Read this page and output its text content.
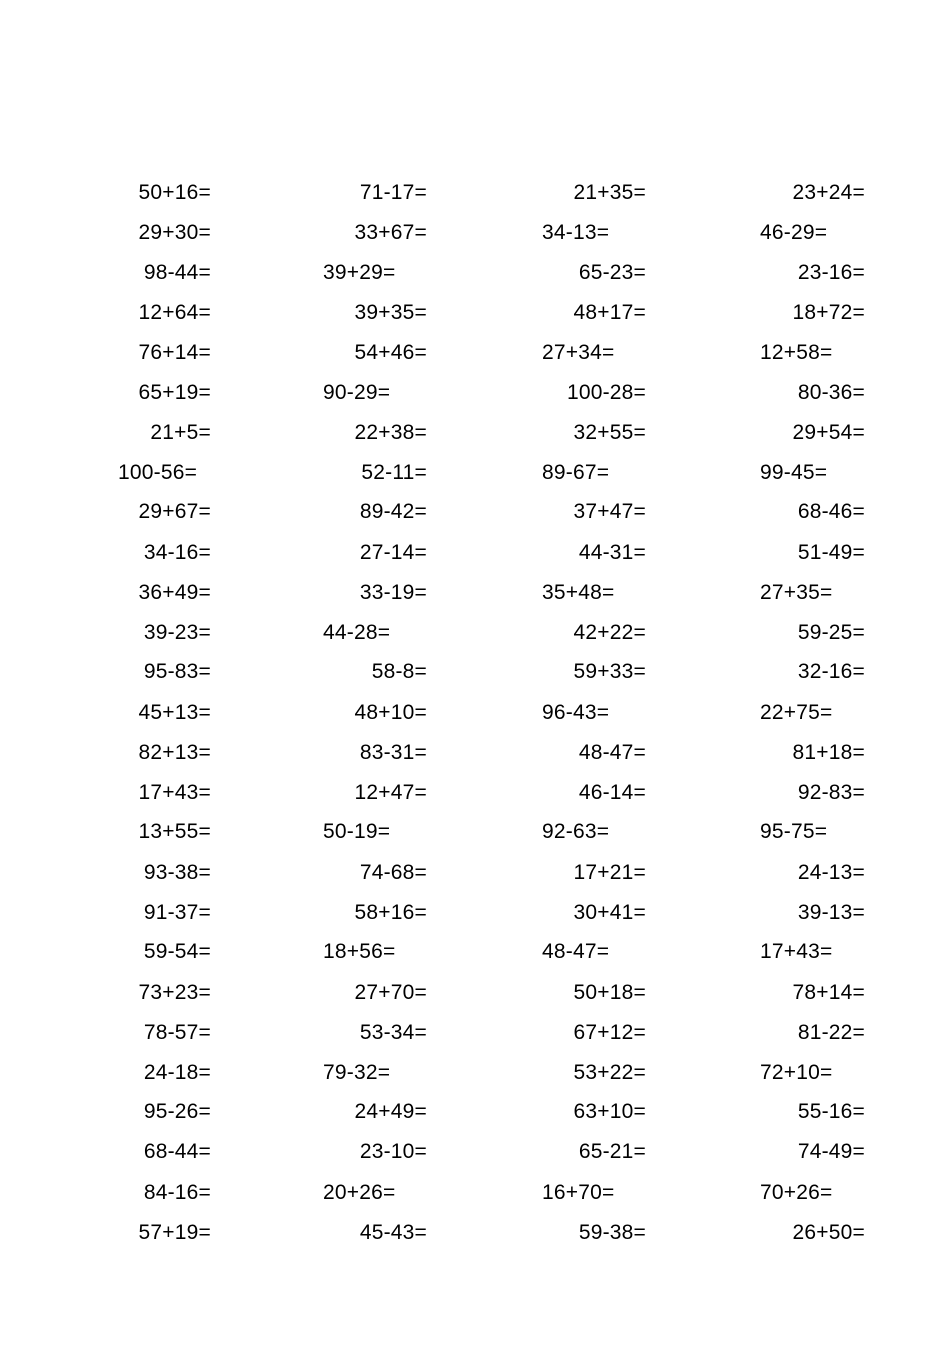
50+16=	71-17=	21+35=	23+24=
29+30=	33+67=	34-13=	46-29=
98-44=	39+29=	65-23=	23-16=
12+64=	39+35=	48+17=	18+72=
76+14=	54+46=	27+34=	12+58=
65+19=	90-29=	100-28=	80-36=
21+5=	22+38=	32+55=	29+54=
100-56=	52-11=	89-67=	99-45=
29+67=	89-42=	37+47=	68-46=
34-16=	27-14=	44-31=	51-49=
36+49=	33-19=	35+48=	27+35=
39-23=	44-28=	42+22=	59-25=
95-83=	58-8=	59+33=	32-16=
45+13=	48+10=	96-43=	22+75=
82+13=	83-31=	48-47=	81+18=
17+43=	12+47=	46-14=	92-83=
13+55=	50-19=	92-63=	95-75=
93-38=	74-68=	17+21=	24-13=
91-37=	58+16=	30+41=	39-13=
59-54=	18+56=	48-47=	17+43=
73+23=	27+70=	50+18=	78+14=
78-57=	53-34=	67+12=	81-22=
24-18=	79-32=	53+22=	72+10=
95-26=	24+49=	63+10=	55-16=
68-44=	23-10=	65-21=	74-49=
84-16=	20+26=	16+70=	70+26=
57+19=	45-43=	59-38=	26+50=
